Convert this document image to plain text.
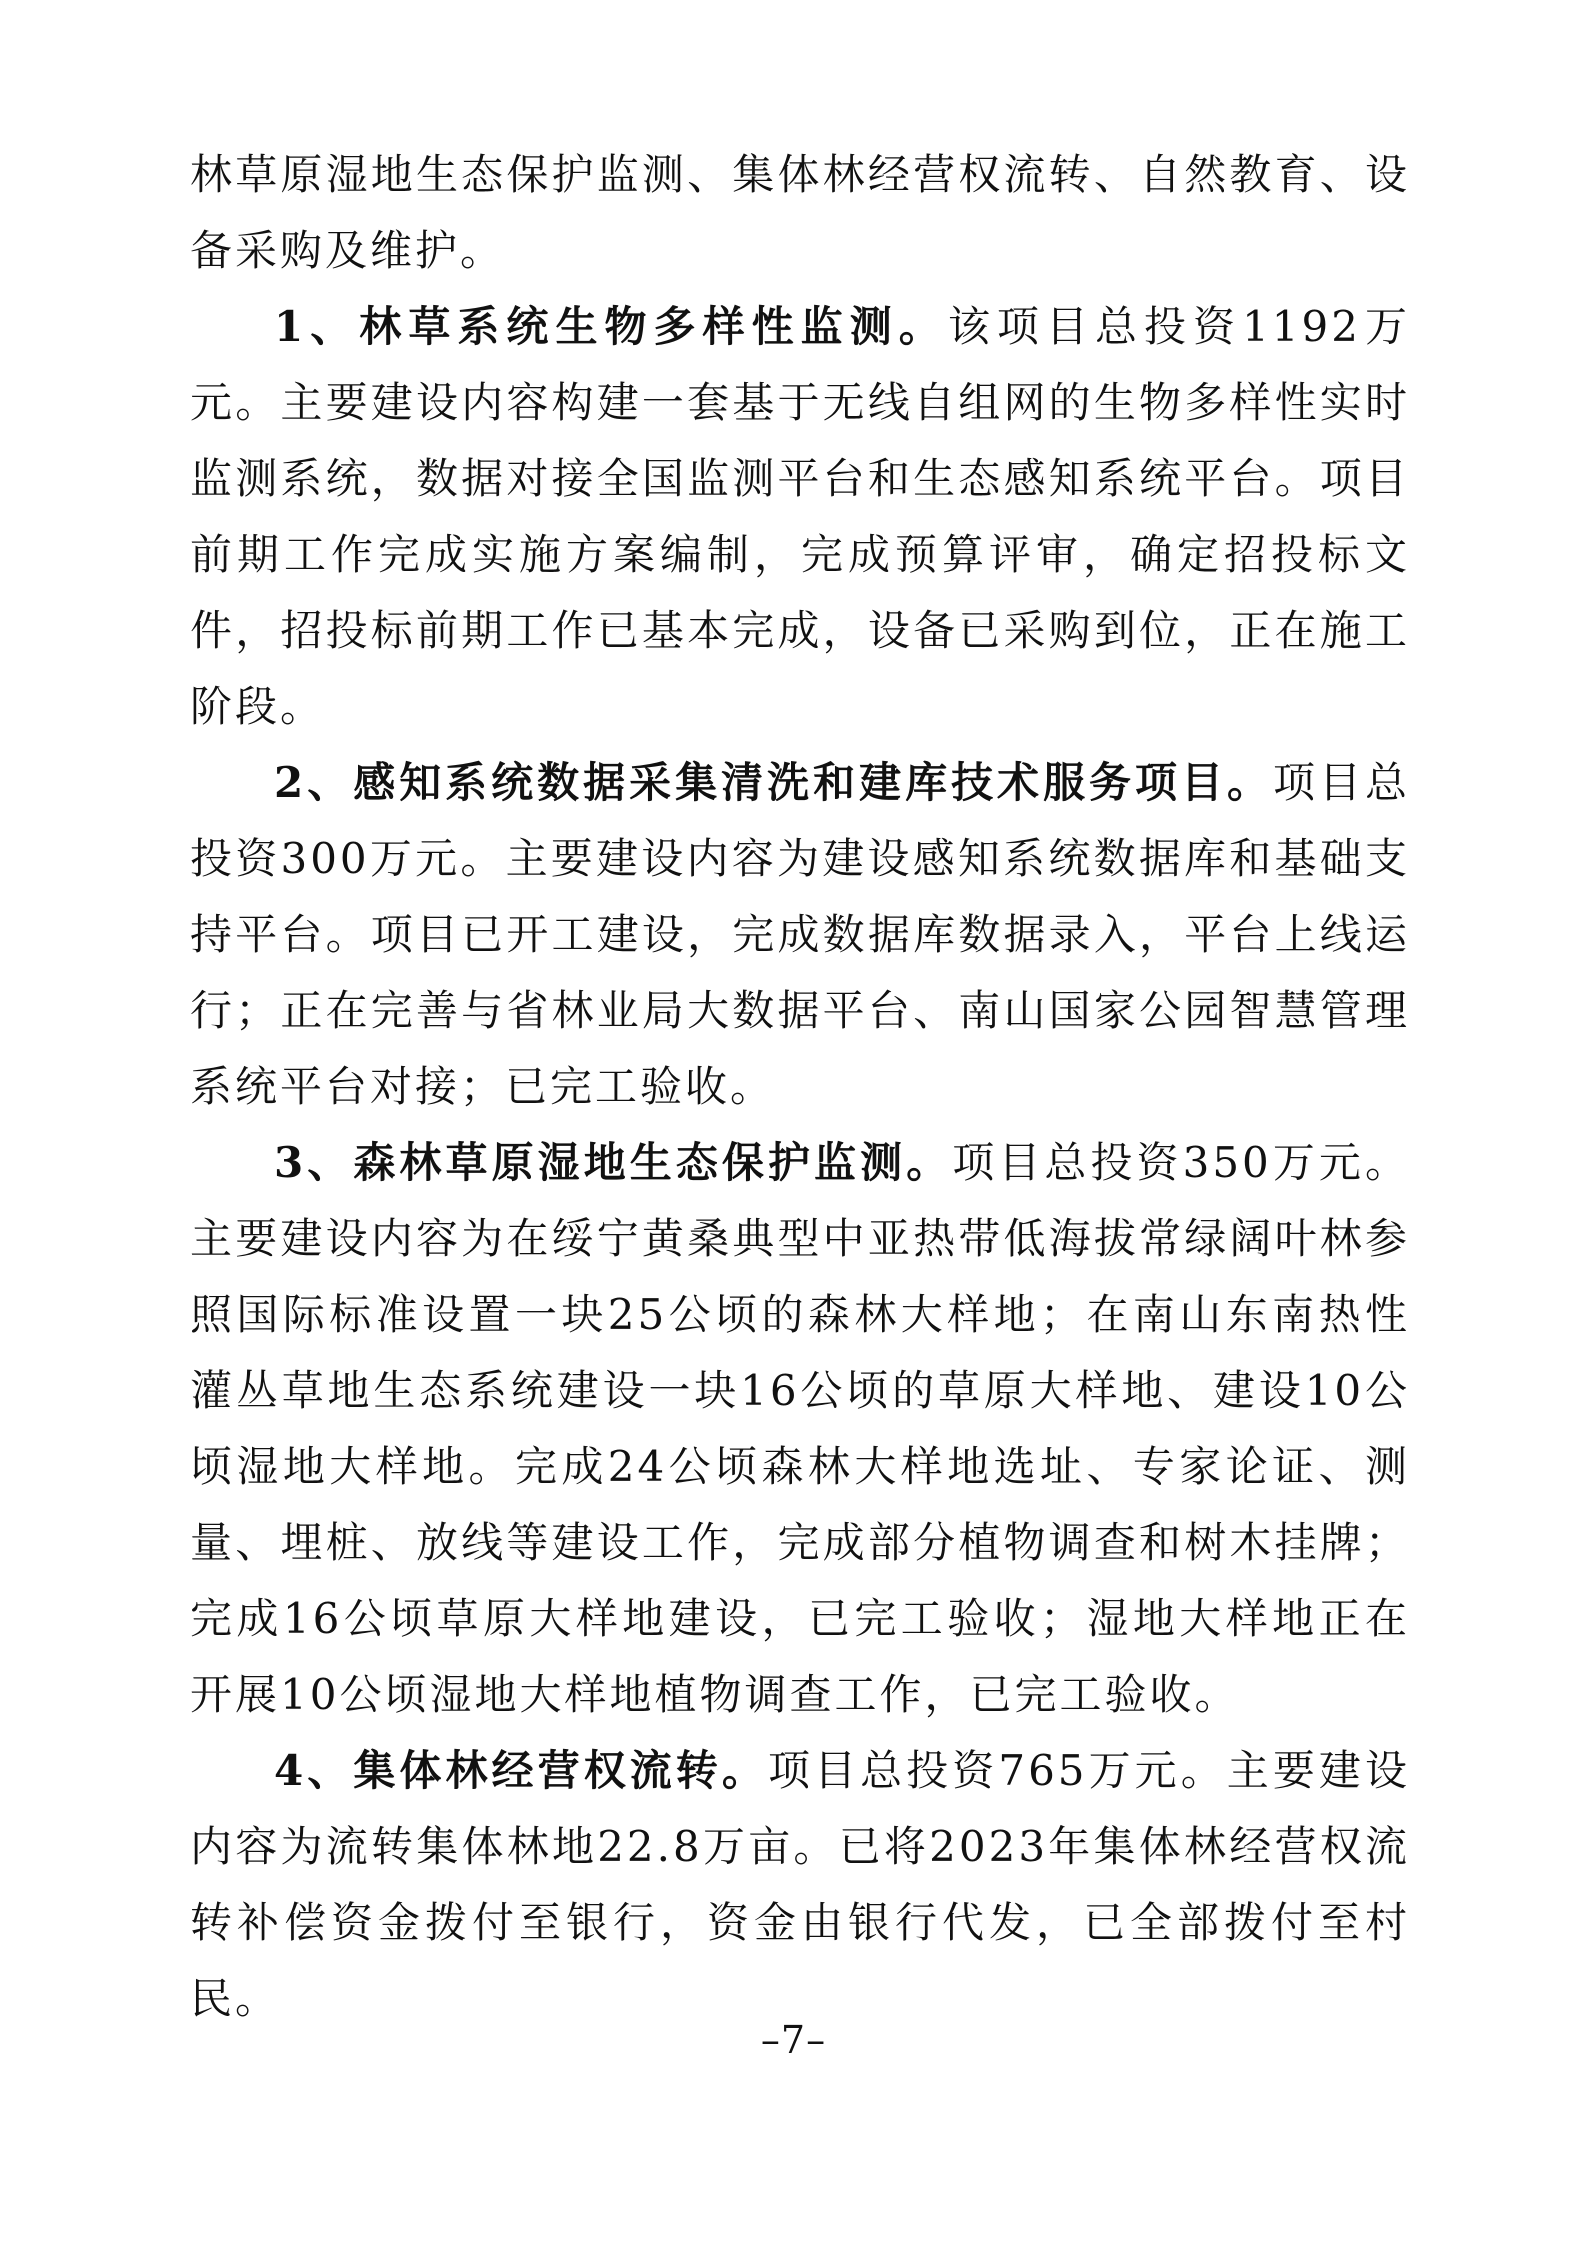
林草原湿地生态保护监测、集体林经营权流转、自然教育、设备采购及维护。

1、林草系统生物多样性监测。该项目总投资1192万元。主要建设内容构建一套基于无线自组网的生物多样性实时监测系统，数据对接全国监测平台和生态感知系统平台。项目前期工作完成实施方案编制，完成预算评审，确定招投标文件，招投标前期工作已基本完成，设备已采购到位，正在施工阶段。

2、感知系统数据采集清洗和建库技术服务项目。项目总投资300万元。主要建设内容为建设感知系统数据库和基础支持平台。项目已开工建设，完成数据库数据录入，平台上线运行；正在完善与省林业局大数据平台、南山国家公园智慧管理系统平台对接；已完工验收。

3、森林草原湿地生态保护监测。项目总投资350万元。主要建设内容为在绥宁黄桑典型中亚热带低海拔常绿阔叶林参照国际标准设置一块25公顷的森林大样地；在南山东南热性灌丛草地生态系统建设一块16公顷的草原大样地、建设10公顷湿地大样地。完成24公顷森林大样地选址、专家论证、测量、埋桩、放线等建设工作，完成部分植物调查和树木挂牌；完成16公顷草原大样地建设，已完工验收；湿地大样地正在开展10公顷湿地大样地植物调查工作，已完工验收。

4、集体林经营权流转。项目总投资765万元。主要建设内容为流转集体林地22.8万亩。已将2023年集体林经营权流转补偿资金拨付至银行，资金由银行代发，已全部拨付至村民。

–7–
